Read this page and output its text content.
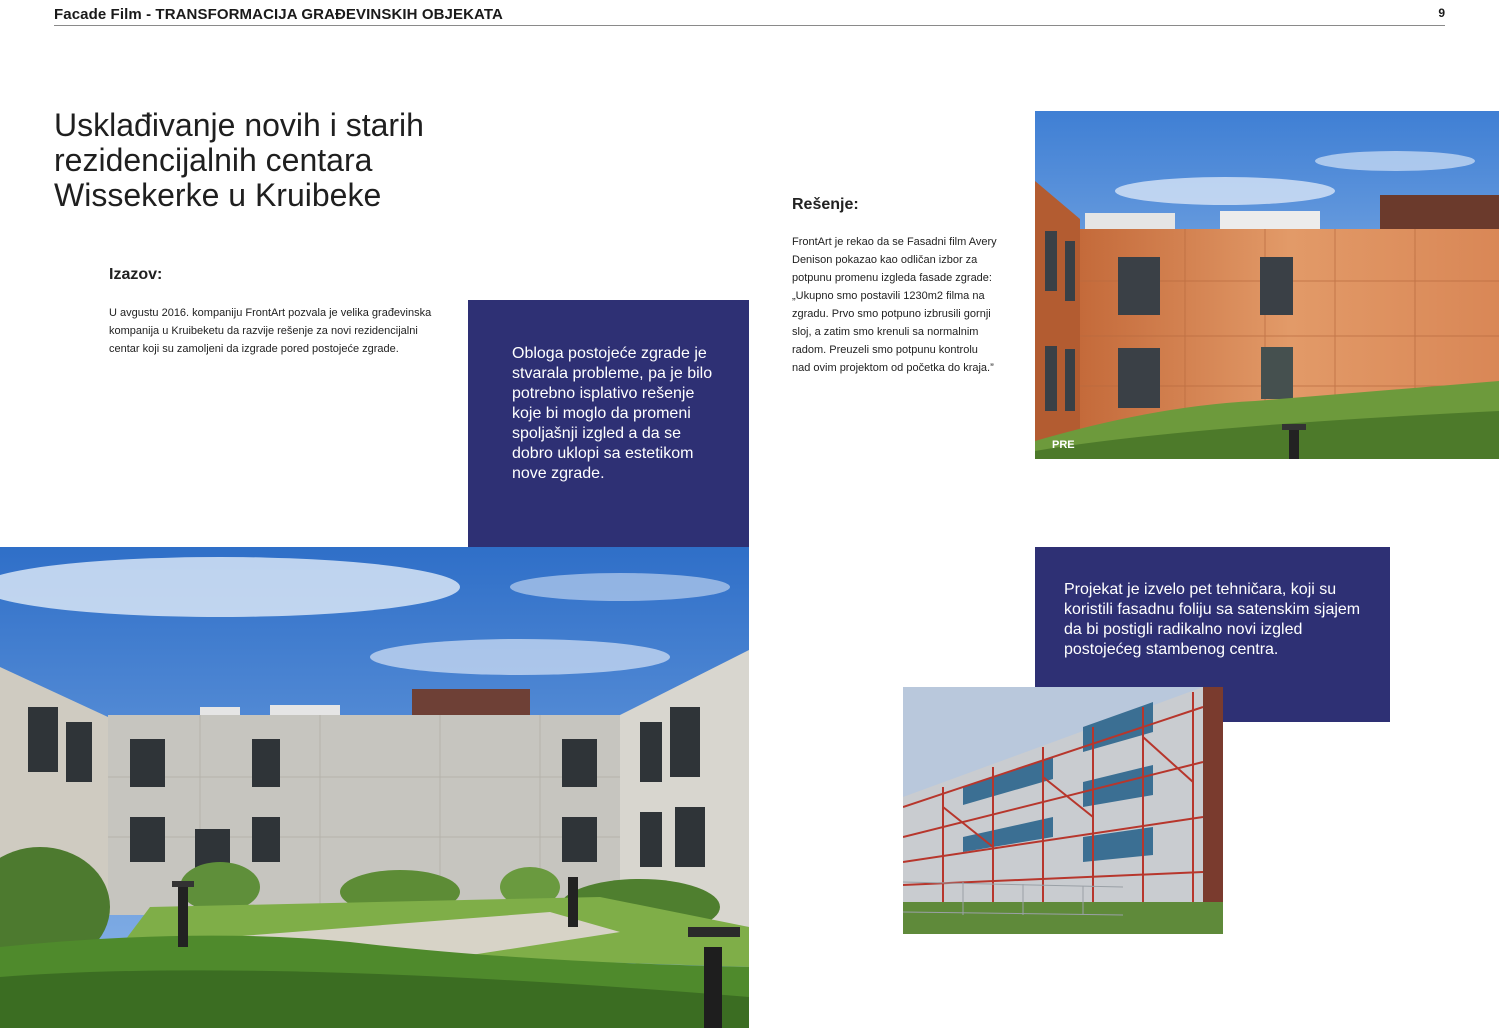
Facade Film - TRANSFORMACIJA GRAĐEVINSKIH OBJEKATA	9
Usklađivanje novih i starih rezidencijalnih centara Wissekerke u Kruibeke
Izazov:

U avgustu 2016. kompaniju FrontArt pozvala je velika građevinska kompanija u Kruibeketu da razvije rešenje za novi rezidencijalni centar koji su zamoljeni da izgrade pored postojeće zgrade.	Obloga postojeće zgrade je stvarala probleme, pa je bilo potrebno isplativo rešenje koje bi moglo da promeni spoljašnji izgled a da se dobro uklopi sa estetikom nove zgrade.

Rešenje:

FrontArt je rekao da se Fasadni film Avery Denison pokazao kao odličan izbor za potpunu promenu izgleda fasade zgrade: „Ukupno smo postavili 1230m2 filma na zgradu. Prvo smo potpuno izbrusili gornji sloj, a zatim smo krenuli sa normalnim radom. Preuzeli smo potpunu kontrolu nad ovim projektom od početka do kraja.”

PRE

Projekat je izvelo pet tehničara, koji su koristili fasadnu foliju sa satenskim sjajem da bi postigli radikalno novi izgled postojećeg stambenog centra.
